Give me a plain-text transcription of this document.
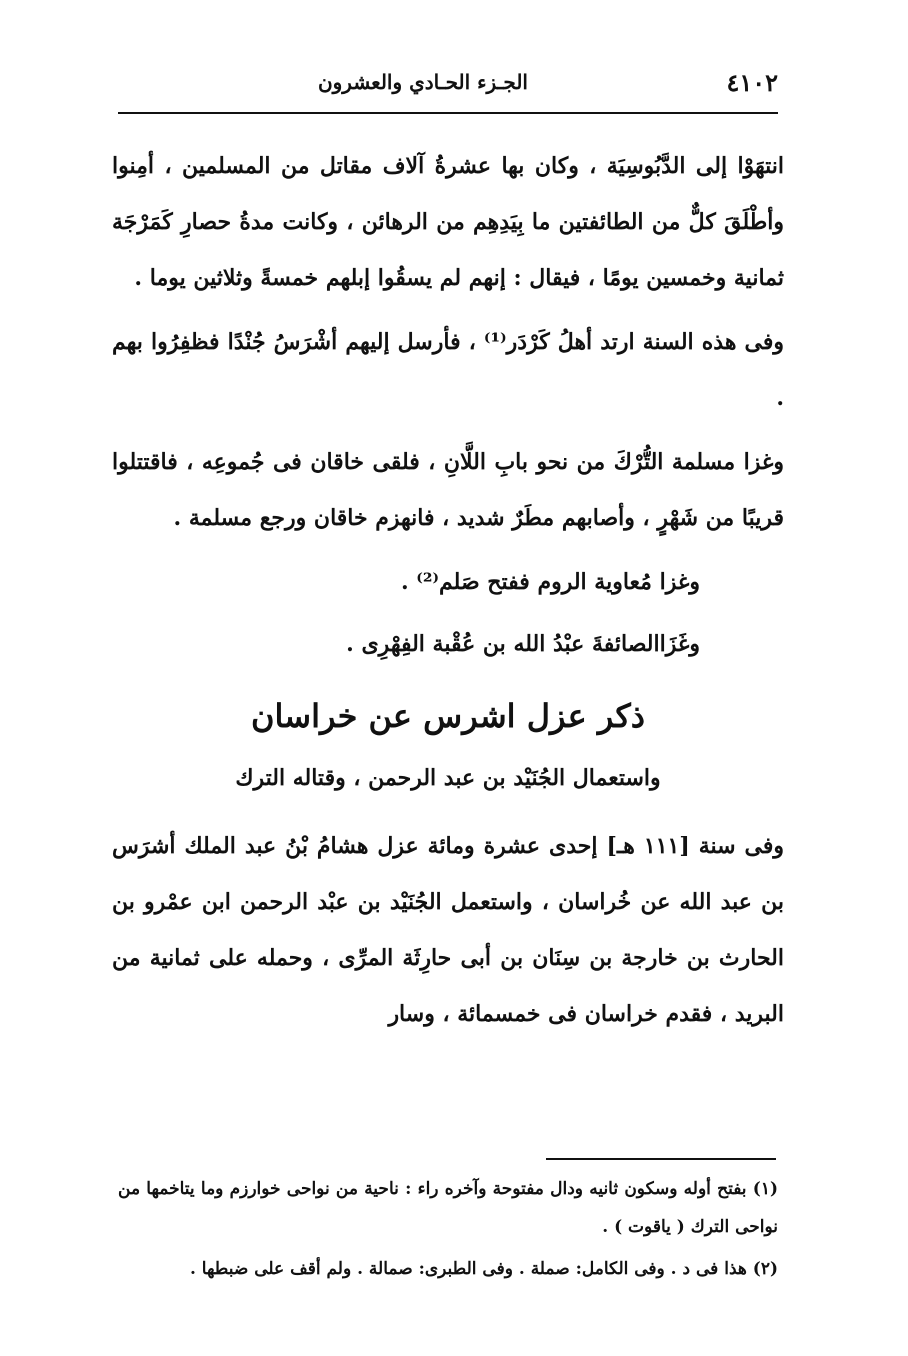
٤١٠٢
الجـزء الحـادي والعشرون

انتهَوْا إلى الدَّبُوسِيَة ، وكان بها عشرةُ آلاف مقاتل من المسلمين ، أمِنوا وأطْلَقَ كلٌّ من الطائفتين ما بِيَدِهِم من الرهائن ، وكانت مدةُ حصارِ كَمَرْجَة ثمانية وخمسين يومًا ، فيقال : إنهم لم يسقُوا إبلهم خمسةً وثلاثين يوما .

وفى هذه السنة ارتد أهلُ كَرْدَر⁽¹⁾ ، فأرسل إليهم أشْرَسُ جُنْدًا فظفِرُوا بهم .

وغزا مسلمة التُّرْكَ من نحو بابِ اللَّانِ ، فلقى خاقان فى جُموعِه ، فاقتتلوا قريبًا من شَهْرٍ ، وأصابهم مطَرٌ شديد ، فانهزم خاقان ورجع مسلمة .

وغزا مُعاوية الروم ففتح صَلم⁽²⁾ .

وغَزَاالصائفةَ عبْدُ الله بن عُقْبة الفِهْرِى .

ذكر عزل اشرس عن خراسان
واستعمال الجُنَيْد بن عبد الرحمن ، وقتاله الترك

وفى سنة [١١١ هـ] إحدى عشرة ومائة عزل هشامُ بْنُ عبد الملك أشرَس بن عبد الله عن خُراسان ، واستعمل الجُنَيْد بن عبْد الرحمن ابن عمْرو بن الحارث بن خارجة بن سِنَان بن أبى حارِثَة المرِّى ، وحمله على ثمانية من البريد ، فقدم خراسان فى خمسمائة ، وسار

(١) بفتح أوله وسكون ثانيه ودال مفتوحة وآخره راء : ناحية من نواحى خوارزم وما يتاخمها من نواحى الترك ( ياقوت ) .

(٢) هذا فى د . وفى الكامل: صملة . وفى الطبرى: صمالة . ولم أقف على ضبطها .
